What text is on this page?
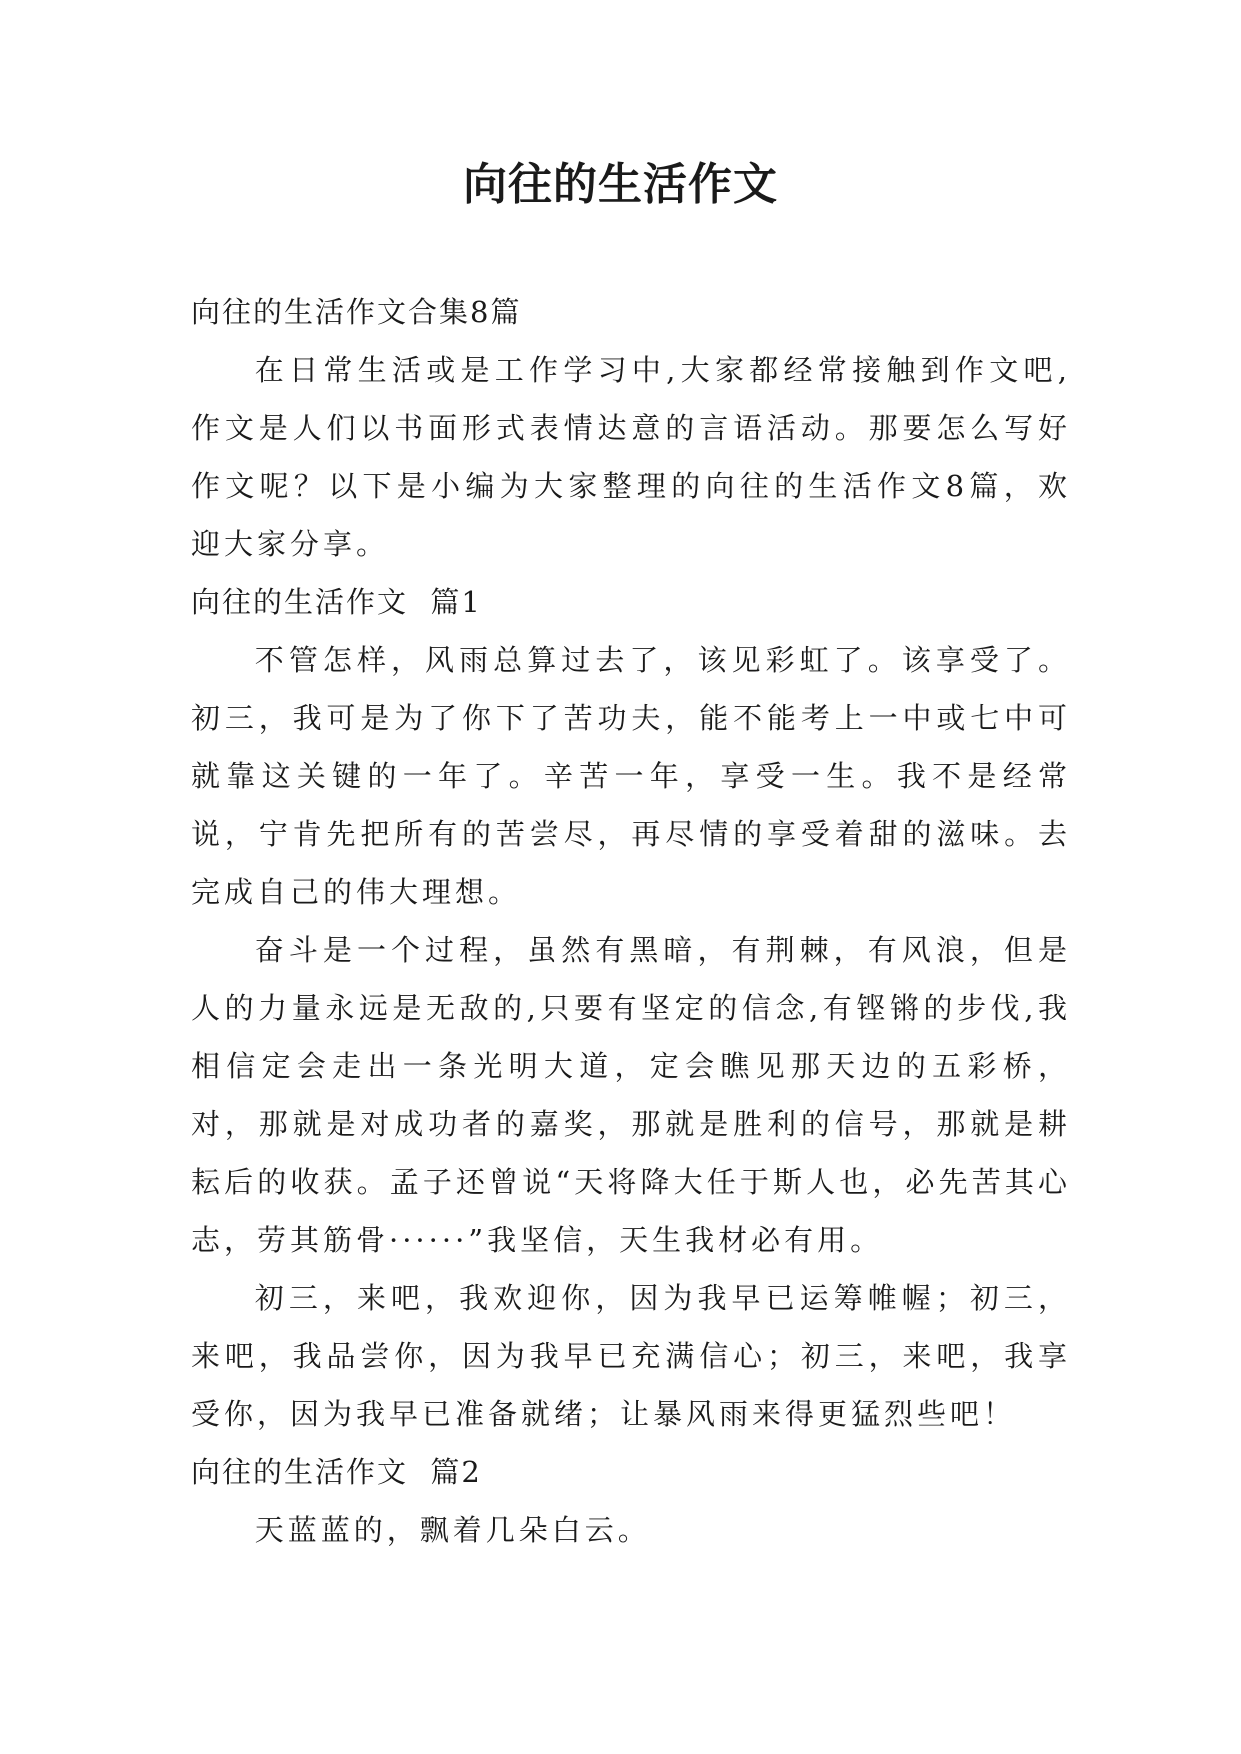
向往的生活作文

向往的生活作文合集8篇

在日常生活或是工作学习中,大家都经常接触到作文吧,作文是人们以书面形式表情达意的言语活动。那要怎么写好作文呢？以下是小编为大家整理的向往的生活作文8篇，欢迎大家分享。

向往的生活作文  篇1

不管怎样，风雨总算过去了，该见彩虹了。该享受了。初三，我可是为了你下了苦功夫，能不能考上一中或七中可就靠这关键的一年了。辛苦一年，享受一生。我不是经常说，宁肯先把所有的苦尝尽，再尽情的享受着甜的滋味。去完成自己的伟大理想。

奋斗是一个过程，虽然有黑暗，有荆棘，有风浪，但是人的力量永远是无敌的,只要有坚定的信念,有铿锵的步伐,我相信定会走出一条光明大道，定会瞧见那天边的五彩桥，对，那就是对成功者的嘉奖，那就是胜利的信号，那就是耕耘后的收获。孟子还曾说“天将降大任于斯人也，必先苦其心志，劳其筋骨······”我坚信，天生我材必有用。

初三，来吧，我欢迎你，因为我早已运筹帷幄；初三，来吧，我品尝你，因为我早已充满信心；初三，来吧，我享受你，因为我早已准备就绪；让暴风雨来得更猛烈些吧！

向往的生活作文  篇2

天蓝蓝的，飘着几朵白云。
